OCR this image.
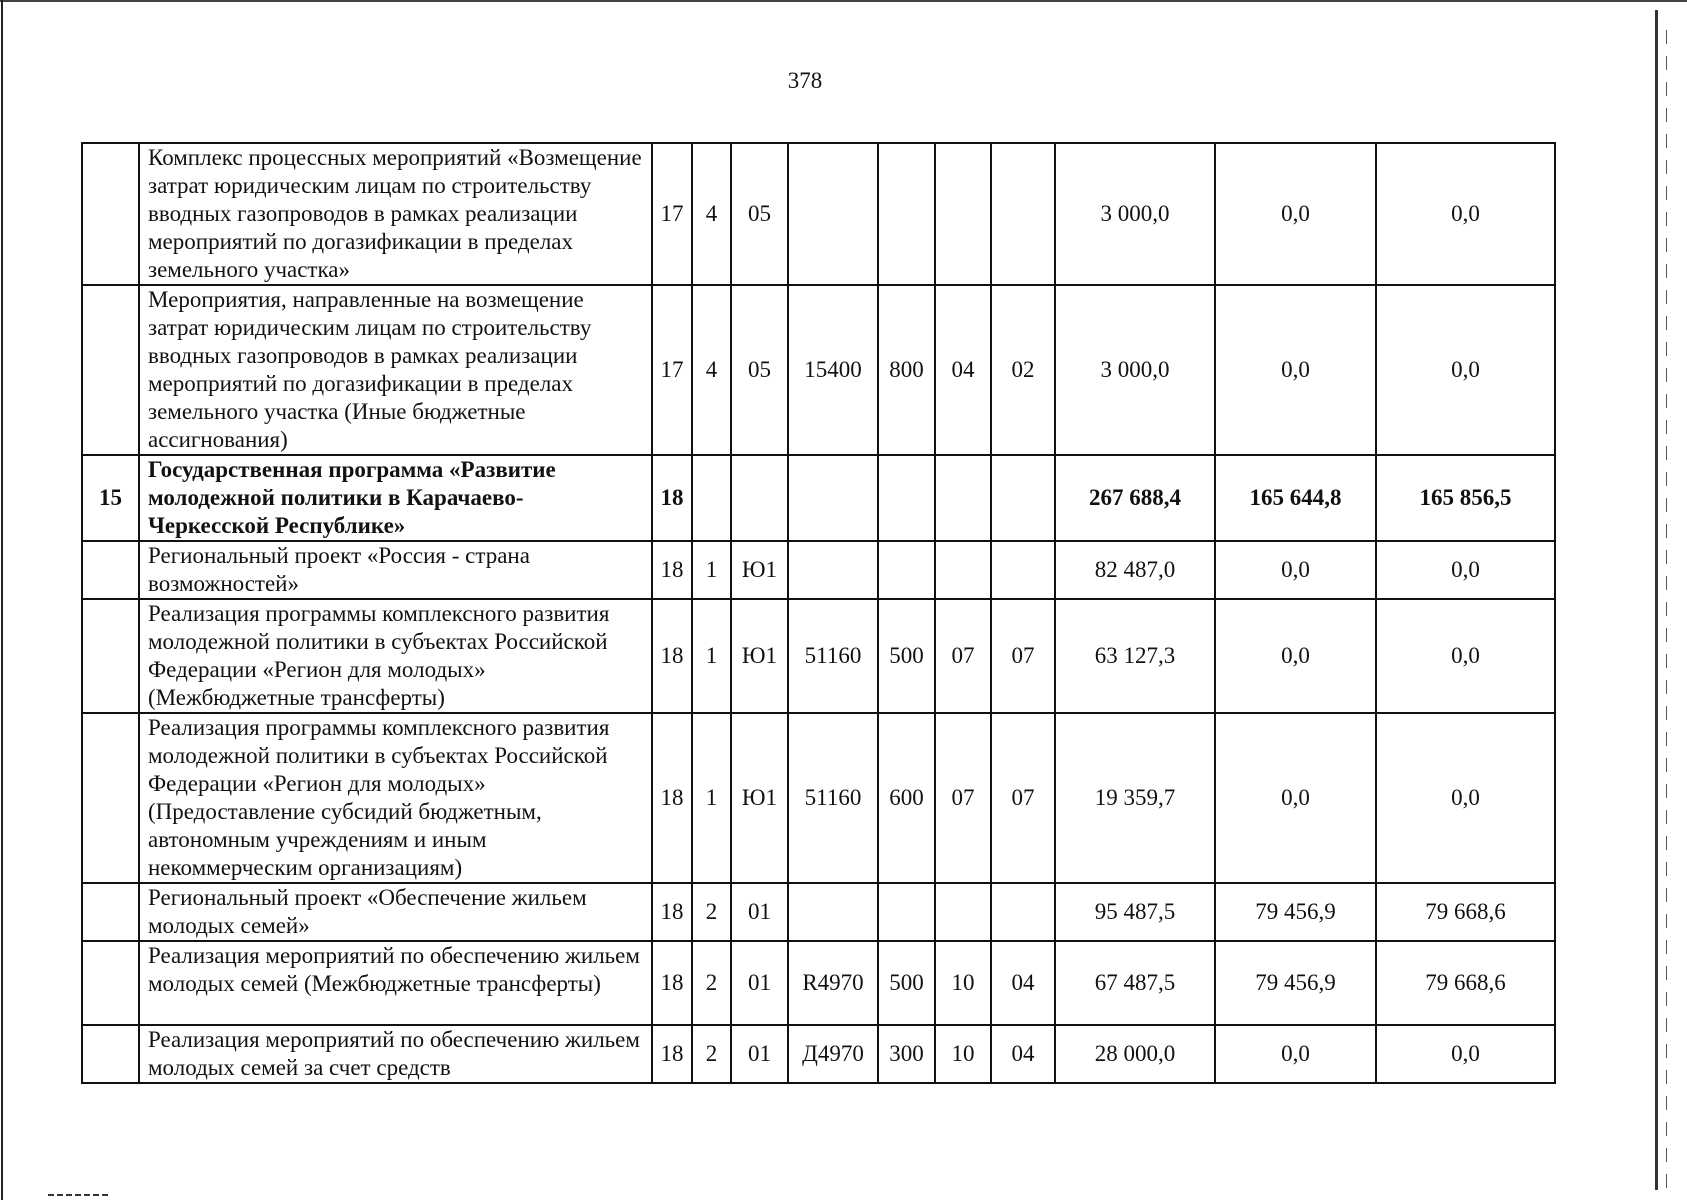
378
	Комплекс процессных мероприятий «Возмещение затрат юридическим лицам по строительству вводных газопроводов в рамках реализации мероприятий по догазификации в пределах земельного участка»	17	4	05					3 000,0	0,0	0,0
	Мероприятия, направленные на возмещение затрат юридическим лицам по строительству вводных газопроводов в рамках реализации мероприятий по догазификации в пределах земельного участка (Иные бюджетные ассигнования)	17	4	05	15400	800	04	02	3 000,0	0,0	0,0
15	Государственная программа «Развитие молодежной политики в Карачаево-Черкесской Республике»	18							267 688,4	165 644,8	165 856,5
	Региональный проект «Россия - страна возможностей»	18	1	Ю1					82 487,0	0,0	0,0
	Реализация программы комплексного развития молодежной политики в субъектах Российской Федерации «Регион для молодых» (Межбюджетные трансферты)	18	1	Ю1	51160	500	07	07	63 127,3	0,0	0,0
	Реализация программы комплексного развития молодежной политики в субъектах Российской Федерации «Регион для молодых» (Предоставление субсидий бюджетным, автономным учреждениям и иным некоммерческим организациям)	18	1	Ю1	51160	600	07	07	19 359,7	0,0	0,0
	Региональный проект «Обеспечение жильем молодых семей»	18	2	01					95 487,5	79 456,9	79 668,6
	Реализация мероприятий по обеспечению жильем молодых семей (Межбюджетные трансферты)	18	2	01	R4970	500	10	04	67 487,5	79 456,9	79 668,6
	Реализация мероприятий по обеспечению жильем молодых семей за счет средств	18	2	01	Д4970	300	10	04	28 000,0	0,0	0,0
